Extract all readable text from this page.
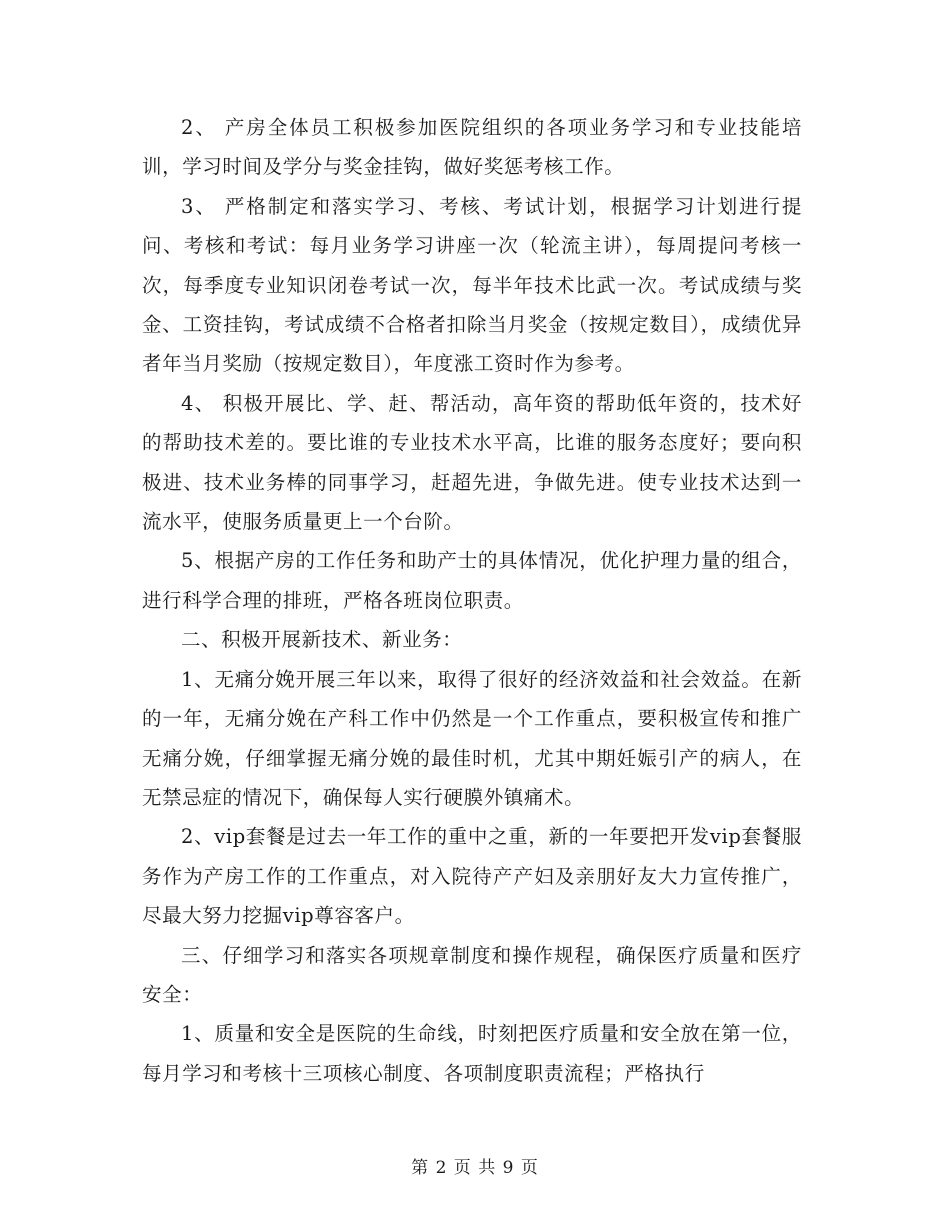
2、 产房全体员工积极参加医院组织的各项业务学习和专业技能培训，学习时间及学分与奖金挂钩，做好奖惩考核工作。

3、 严格制定和落实学习、考核、考试计划，根据学习计划进行提问、考核和考试：每月业务学习讲座一次（轮流主讲），每周提问考核一次，每季度专业知识闭卷考试一次，每半年技术比武一次。考试成绩与奖金、工资挂钩，考试成绩不合格者扣除当月奖金（按规定数目），成绩优异者年当月奖励（按规定数目），年度涨工资时作为参考。

4、 积极开展比、学、赶、帮活动，高年资的帮助低年资的，技术好的帮助技术差的。要比谁的专业技术水平高，比谁的服务态度好；要向积极进、技术业务棒的同事学习，赶超先进，争做先进。使专业技术达到一流水平，使服务质量更上一个台阶。

5、根据产房的工作任务和助产士的具体情况，优化护理力量的组合，进行科学合理的排班，严格各班岗位职责。

二、积极开展新技术、新业务：

1、无痛分娩开展三年以来，取得了很好的经济效益和社会效益。在新的一年，无痛分娩在产科工作中仍然是一个工作重点，要积极宣传和推广无痛分娩，仔细掌握无痛分娩的最佳时机，尤其中期妊娠引产的病人，在无禁忌症的情况下，确保每人实行硬膜外镇痛术。

2、vip套餐是过去一年工作的重中之重，新的一年要把开发vip套餐服务作为产房工作的工作重点，对入院待产产妇及亲朋好友大力宣传推广，尽最大努力挖掘vip尊容客户。

三、仔细学习和落实各项规章制度和操作规程，确保医疗质量和医疗安全：

1、质量和安全是医院的生命线，时刻把医疗质量和安全放在第一位，每月学习和考核十三项核心制度、各项制度职责流程；严格执行

第 2 页 共 9 页
